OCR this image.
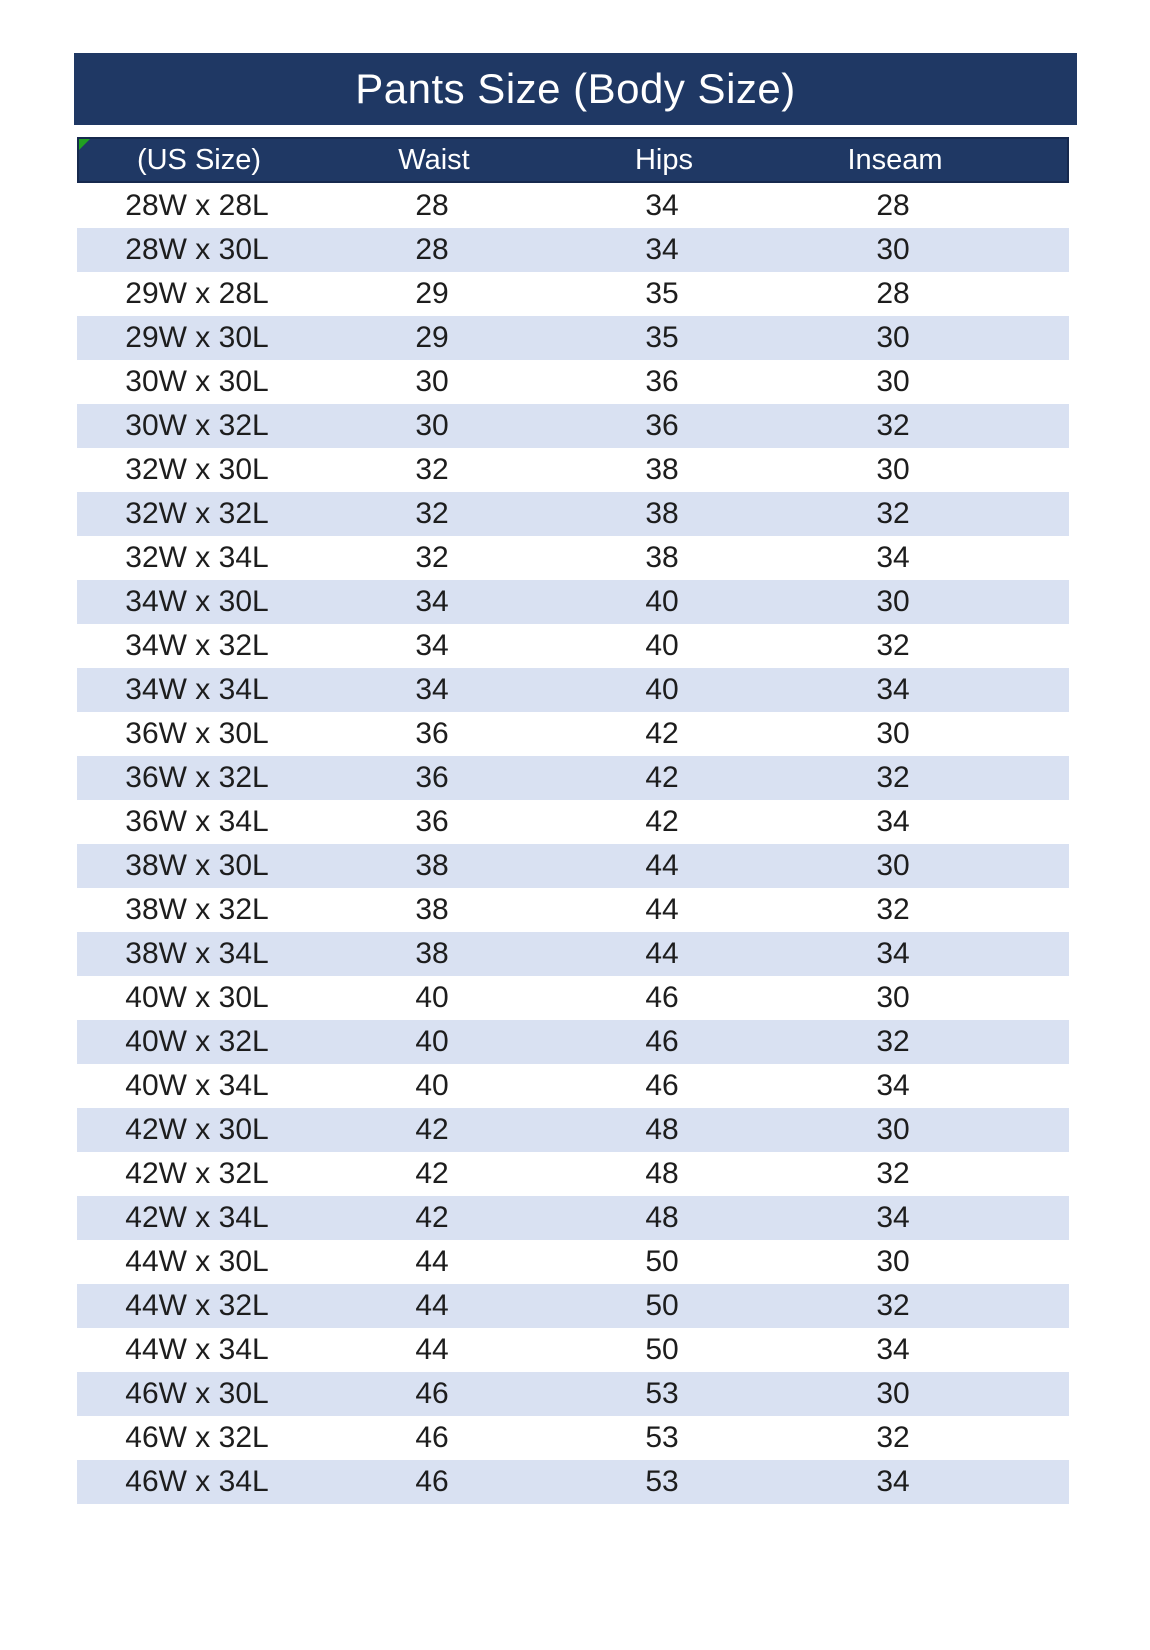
Pants Size (Body Size)
(US Size)	Waist	Hips	Inseam
28W x 28L	28	34	28
28W x 30L	28	34	30
29W x 28L	29	35	28
29W x 30L	29	35	30
30W x 30L	30	36	30
30W x 32L	30	36	32
32W x 30L	32	38	30
32W x 32L	32	38	32
32W x 34L	32	38	34
34W x 30L	34	40	30
34W x 32L	34	40	32
34W x 34L	34	40	34
36W x 30L	36	42	30
36W x 32L	36	42	32
36W x 34L	36	42	34
38W x 30L	38	44	30
38W x 32L	38	44	32
38W x 34L	38	44	34
40W x 30L	40	46	30
40W x 32L	40	46	32
40W x 34L	40	46	34
42W x 30L	42	48	30
42W x 32L	42	48	32
42W x 34L	42	48	34
44W x 30L	44	50	30
44W x 32L	44	50	32
44W x 34L	44	50	34
46W x 30L	46	53	30
46W x 32L	46	53	32
46W x 34L	46	53	34
